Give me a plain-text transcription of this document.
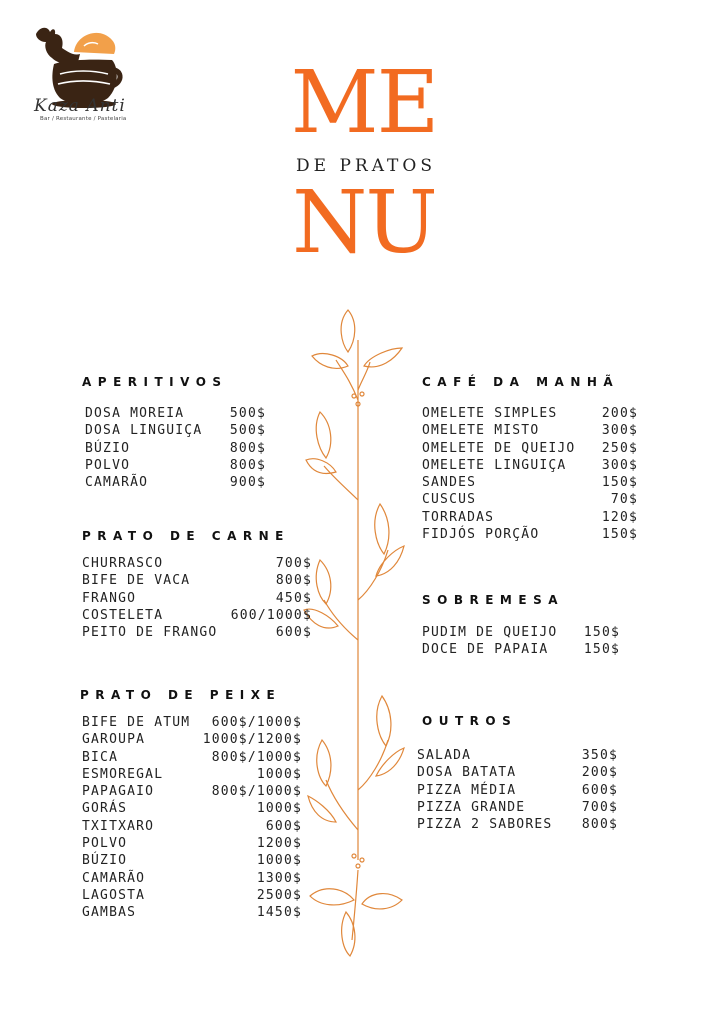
Kaza Anti
Bar / Restaurante / Pastelaria	ME
DE PRATOS
NU
APERITIVOS
DOSA MOREIA	500$
DOSA LINGUIÇA 500$
BÚZIO	800$
POLVO	800$
CAMARÃO	900$
PRATO DE CARNE
CHURRASCO	700$
BIFE DE VACA	800$
FRANGO	450$
COSTELETA	600/1000$
PEITO DE FRANGO	600$
PRATO DE PEIXE
BIFE DE ATUM 600$/1000$
GAROUPA	1000$/1200$
BICA	800$/1000$
ESMOREGAL	1000$
PAPAGAIO	800$/1000$
GORÁS	1000$
TXITXARO	600$
POLVO	1200$
BÚZIO	1000$
CAMARÃO	1300$
LAGOSTA	2500$
GAMBAS	1450$
CAFÉ DA MANHÃ
OMELETE SIMPLES	200$
OMELETE MISTO	300$
OMELETE DE QUEIJO 250$
OMELETE LINGUIÇA	300$
SANDES	150$
CUSCUS	70$
TORRADAS	120$
FIDJÓS PORÇÃO	150$
SOBREMESA
PUDIM DE QUEIJO 150$
DOCE DE PAPAIA	150$
OUTROS
SALADA	350$
DOSA BATATA	200$
PIZZA MÉDIA	600$
PIZZA GRANDE	700$
PIZZA 2 SABORES 800$
